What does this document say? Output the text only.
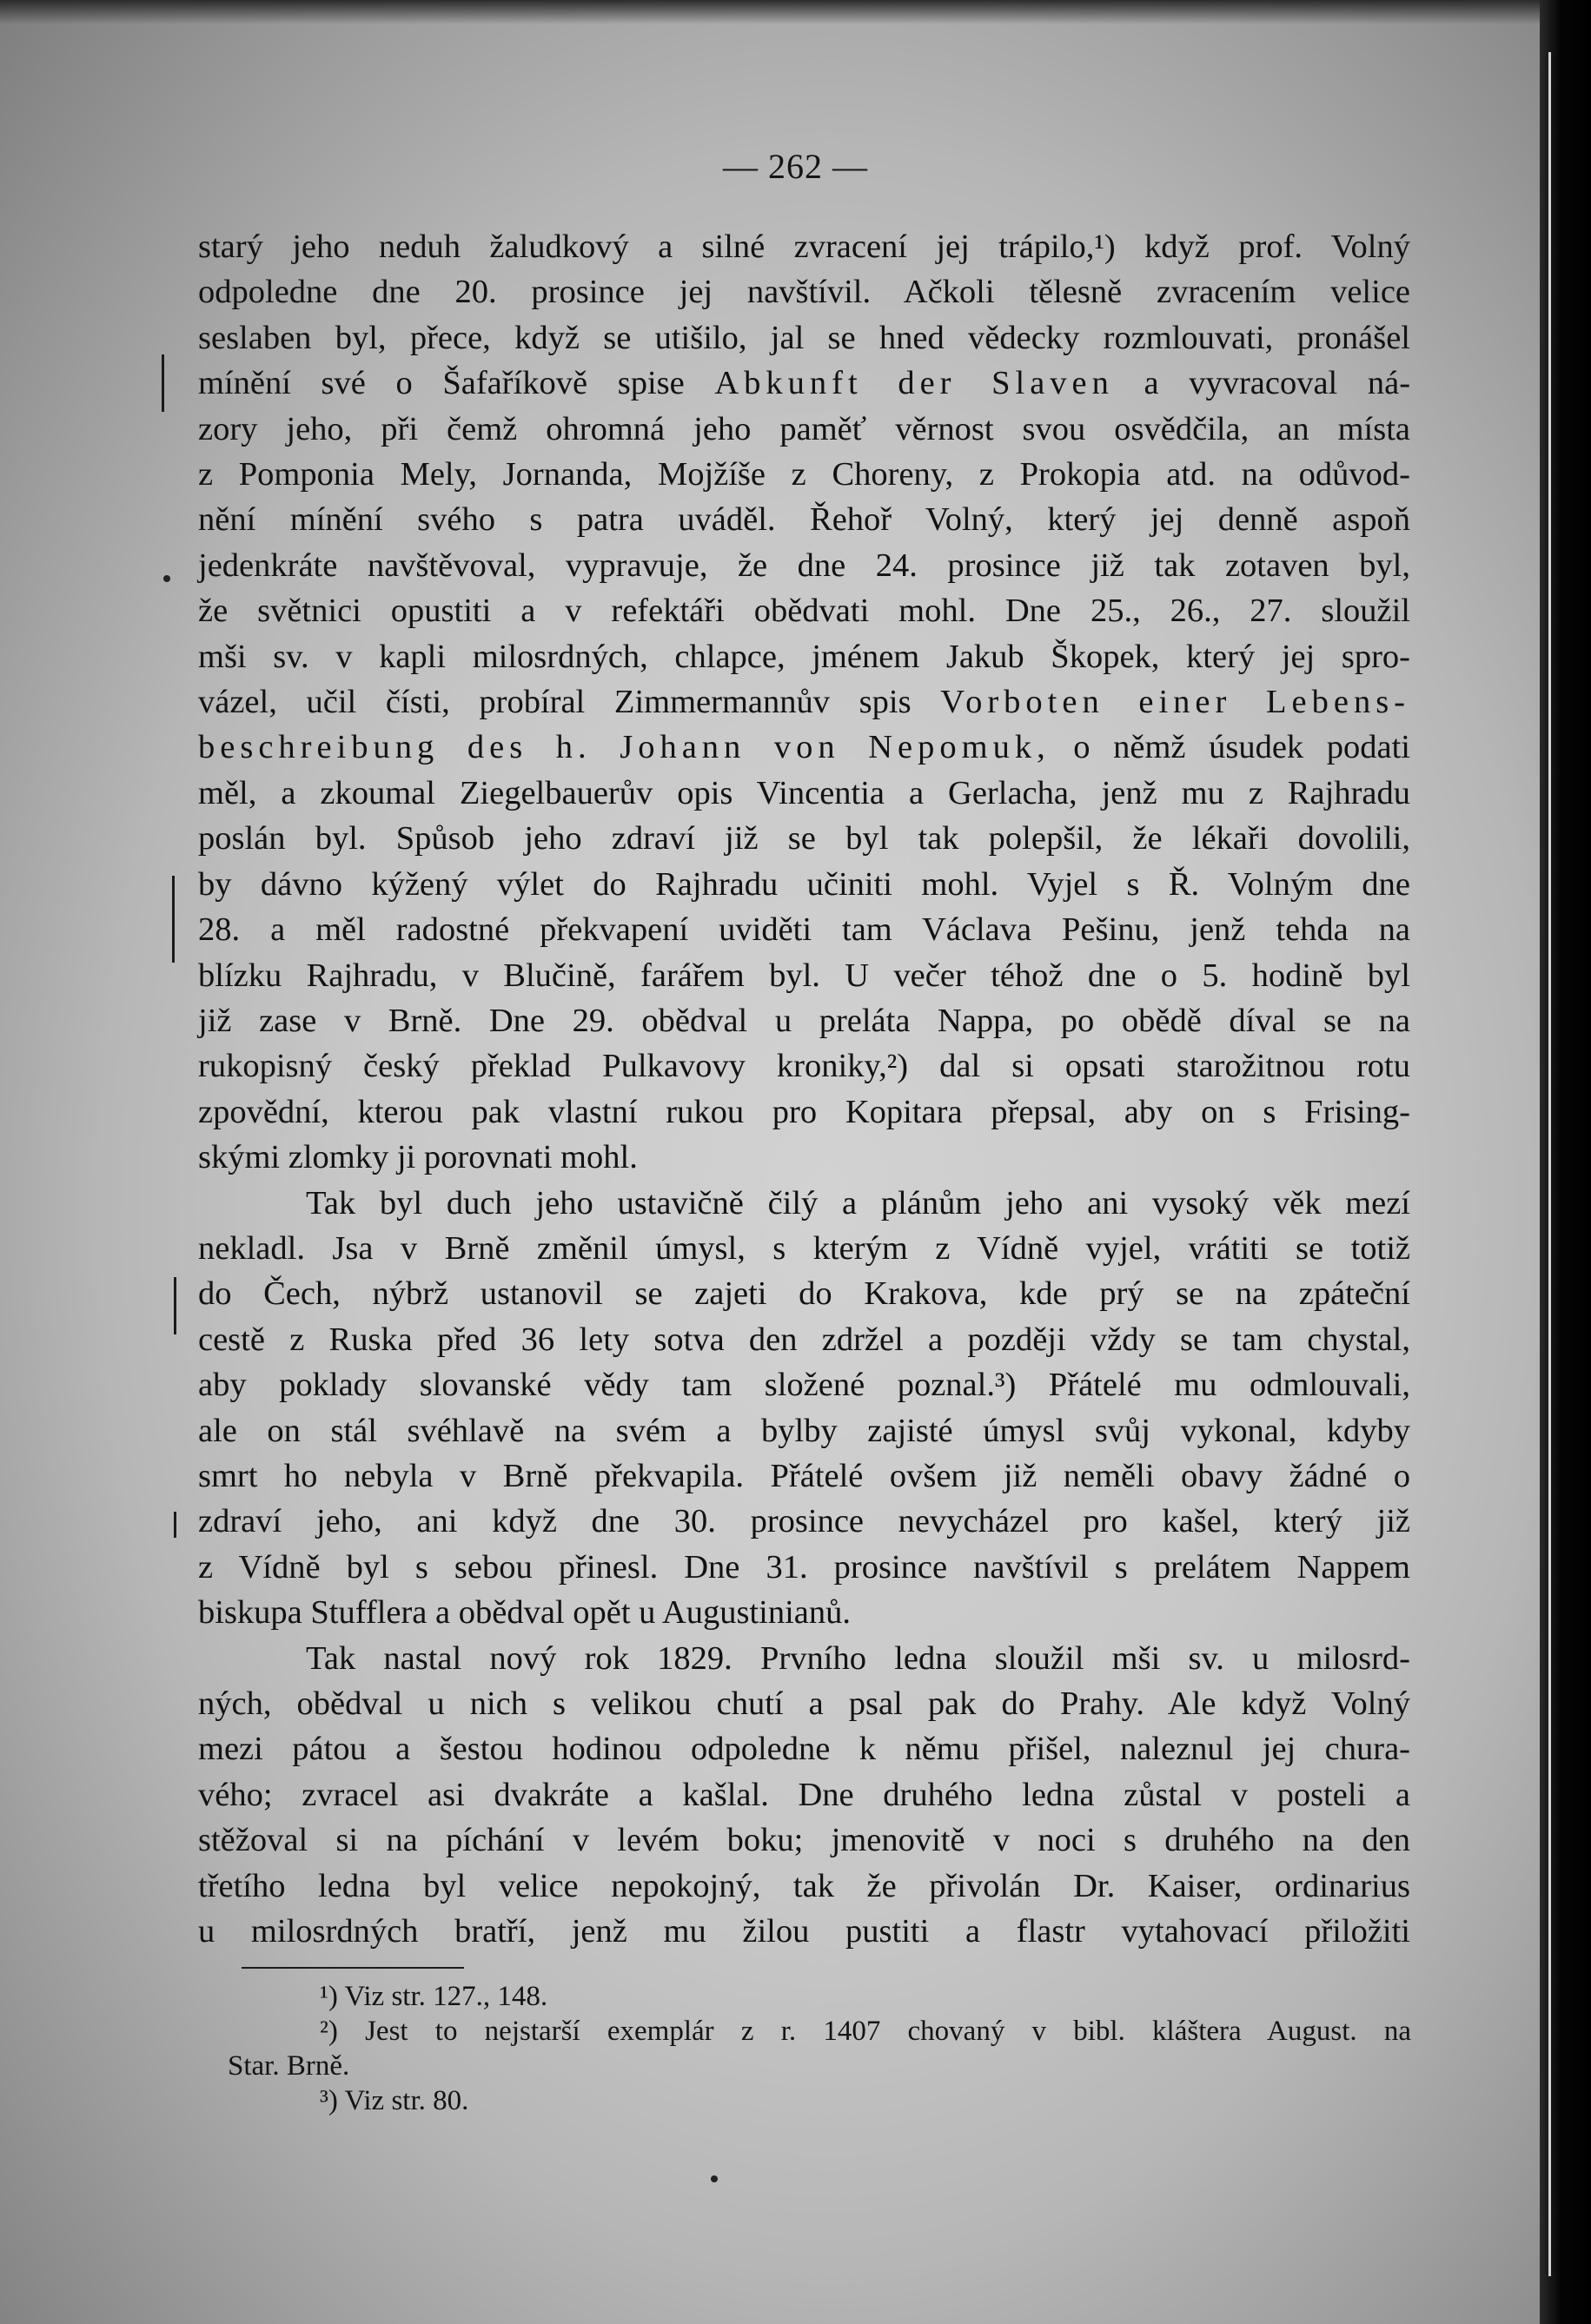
— 262 —

starý jeho neduh žaludkový a silné zvracení jej trápilo,¹) když prof. Volný

odpoledne dne 20. prosince jej navštívil. Ačkoli tělesně zvracením velice

seslaben byl, přece, když se utišilo, jal se hned vědecky rozmlouvati, pronášel

mínění své o Šafaříkově spise Abkunft der Slaven a vyvracoval ná-

zory jeho, při čemž ohromná jeho paměť věrnost svou osvědčila, an místa

z Pomponia Mely, Jornanda, Mojžíše z Choreny, z Prokopia atd. na odůvod-

nění mínění svého s patra uváděl. Řehoř Volný, který jej denně aspoň

jedenkráte navštěvoval, vypravuje, že dne 24. prosince již tak zotaven byl,

že světnici opustiti a v refektáři obědvati mohl. Dne 25., 26., 27. sloužil

mši sv. v kapli milosrdných, chlapce, jménem Jakub Škopek, který jej spro-

vázel, učil čísti, probíral Zimmermannův spis Vorboten einer Lebens-

beschreibung des h. Johann von Nepomuk, o němž úsudek podati

měl, a zkoumal Ziegelbauerův opis Vincentia a Gerlacha, jenž mu z Rajhradu

poslán byl. Spůsob jeho zdraví již se byl tak polepšil, že lékaři dovolili,

by dávno kýžený výlet do Rajhradu učiniti mohl. Vyjel s Ř. Volným dne

28. a měl radostné překvapení uviděti tam Václava Pešinu, jenž tehda na

blízku Rajhradu, v Blučině, farářem byl. U večer téhož dne o 5. hodině byl

již zase v Brně. Dne 29. obědval u preláta Nappa, po obědě díval se na

rukopisný český překlad Pulkavovy kroniky,²) dal si opsati starožitnou rotu

zpovědní, kterou pak vlastní rukou pro Kopitara přepsal, aby on s Frising-

skými zlomky ji porovnati mohl.

Tak byl duch jeho ustavičně čilý a plánům jeho ani vysoký věk mezí

nekladl. Jsa v Brně změnil úmysl, s kterým z Vídně vyjel, vrátiti se totiž

do Čech, nýbrž ustanovil se zajeti do Krakova, kde prý se na zpáteční

cestě z Ruska před 36 lety sotva den zdržel a později vždy se tam chystal,

aby poklady slovanské vědy tam složené poznal.³) Přátelé mu odmlouvali,

ale on stál svéhlavě na svém a bylby zajisté úmysl svůj vykonal, kdyby

smrt ho nebyla v Brně překvapila. Přátelé ovšem již neměli obavy žádné o

zdraví jeho, ani když dne 30. prosince nevycházel pro kašel, který již

z Vídně byl s sebou přinesl. Dne 31. prosince navštívil s prelátem Nappem

biskupa Stufflera a obědval opět u Augustinianů.

Tak nastal nový rok 1829. Prvního ledna sloužil mši sv. u milosrd-

ných, obědval u nich s velikou chutí a psal pak do Prahy. Ale když Volný

mezi pátou a šestou hodinou odpoledne k němu přišel, naleznul jej chura-

vého; zvracel asi dvakráte a kašlal. Dne druhého ledna zůstal v posteli a

stěžoval si na píchání v levém boku; jmenovitě v noci s druhého na den

třetího ledna byl velice nepokojný, tak že přivolán Dr. Kaiser, ordinarius

u milosrdných bratří, jenž mu žilou pustiti a flastr vytahovací přiložiti

¹) Viz str. 127., 148.

²) Jest to nejstarší exemplár z r. 1407 chovaný v bibl. kláštera August. na

Star. Brně.

³) Viz str. 80.
